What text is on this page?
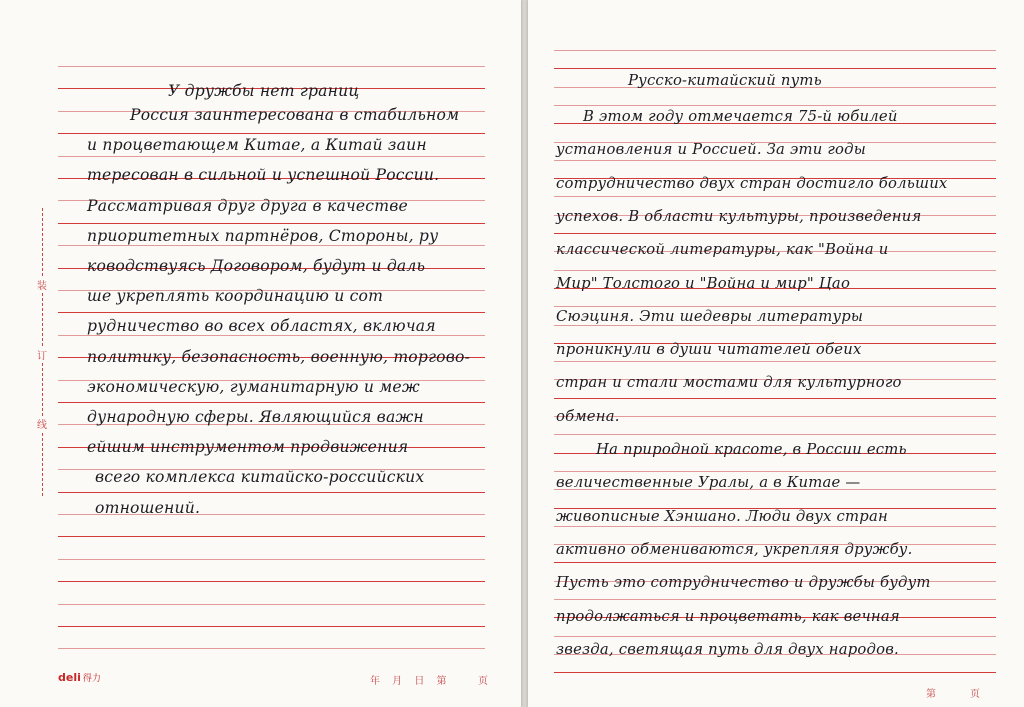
У дружбы нет границ
Россия заинтересована в стабильном
и процветающем Китае, а Китай заин
тересован в сильной и успешной России.
Рассматривая друг друга в качестве
приоритетных партнёров, Стороны, ру
ководствуясь Договором, будут и даль
ше укреплять координацию и сот
рудничество во всех областях, включая
политику, безопасность, военную, торгово-
экономическую, гуманитарную и меж
дународную сферы. Являющийся важн
ейшим инструментом продвижения
всего комплекса китайско-российских
отношений.
装
订
线
deli 得力	年 月 日 第	页
Русско-китайский путь
В этом году отмечается 75-й юбилей
установления и Россией. За эти годы
сотрудничество двух стран достигло больших
успехов. В области культуры, произведения
классической литературы, как "Война и
Мир" Толстого и "Война и мир" Цао
Сюэциня. Эти шедевры литературы
проникнули в души читателей обеих
стран и стали мостами для культурного
обмена.
На природной красоте, в России есть
величественные Уралы, а в Китае —
живописные Хэншано. Люди двух стран
активно обмениваются, укрепляя дружбу.
Пусть это сотрудничество и дружбы будут
продолжаться и процветать, как вечная
звезда, светящая путь для двух народов.
第	页
